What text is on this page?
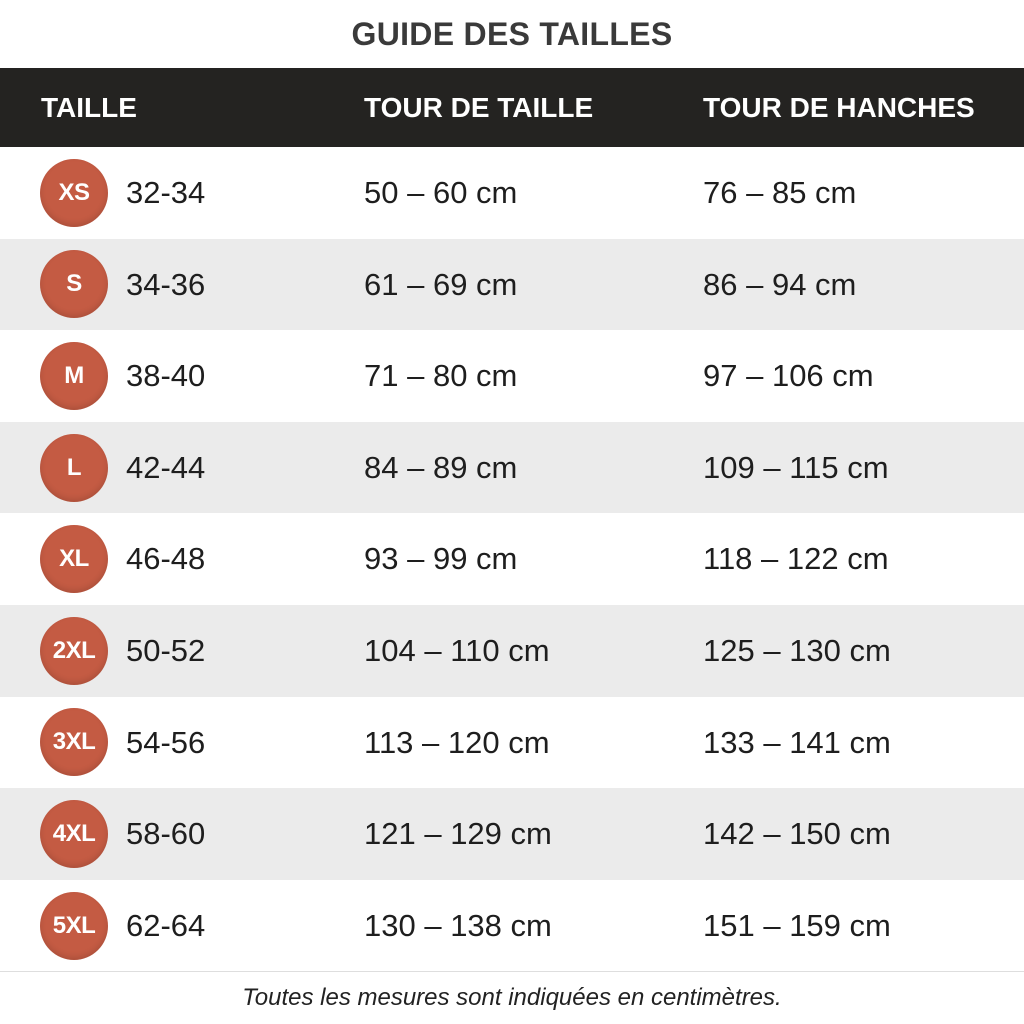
GUIDE DES TAILLES
TAILLE	TOUR DE TAILLE	TOUR DE HANCHES
XS	32-34	50 – 60 cm	76 – 85 cm
S	34-36	61 – 69 cm	86 – 94 cm
M	38-40	71 – 80 cm	97 – 106 cm
L	42-44	84 – 89 cm	109 – 115 cm
XL	46-48	93 – 99 cm	118 – 122 cm
2XL 50-52	104 – 110 cm	125 – 130 cm
3XL 54-56	113 – 120 cm	133 – 141 cm
4XL 58-60	121 – 129 cm	142 – 150 cm
5XL 62-64	130 – 138 cm	151 – 159 cm
Toutes les mesures sont indiquées en centimètres.
